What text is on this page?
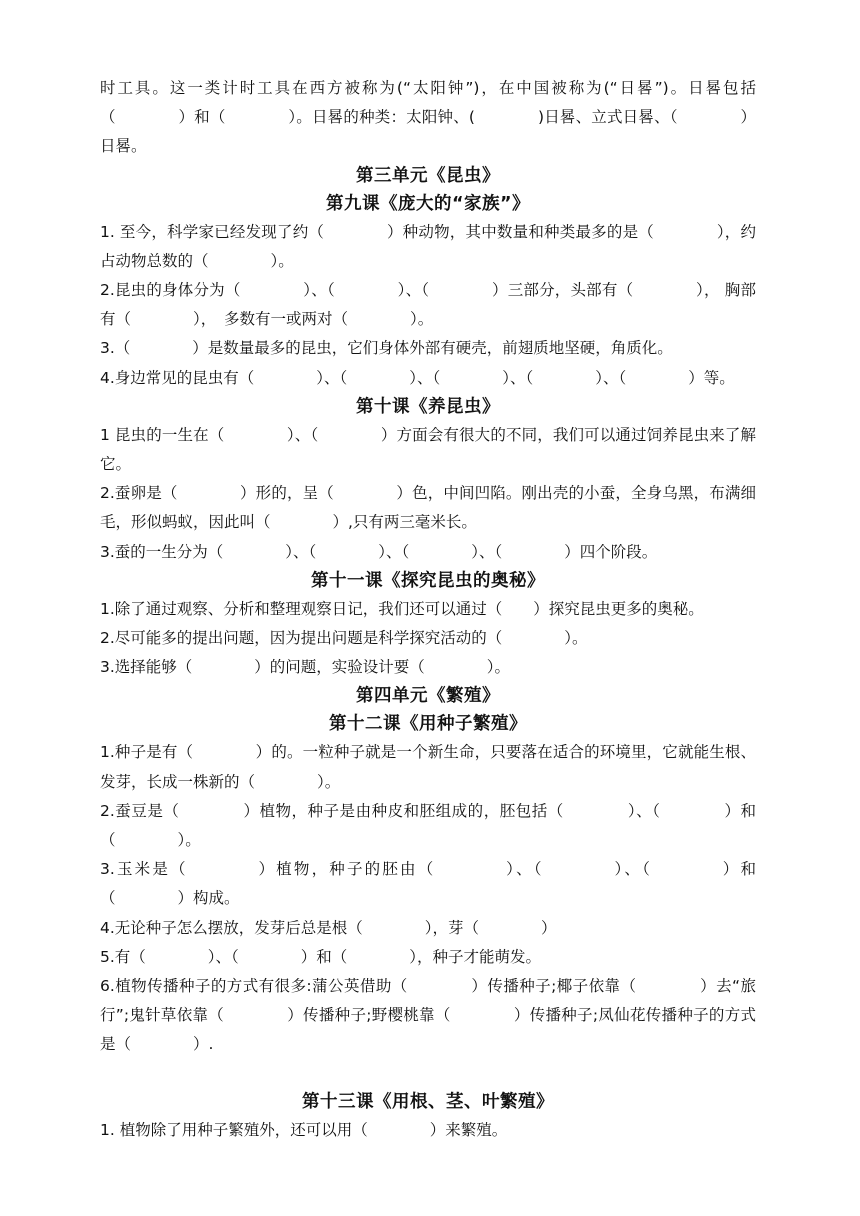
时工具。这一类计时工具在西方被称为(“太阳钟”)，在中国被称为(“日晷”)。日晷包括（　　　　）和（　　　　）。日晷的种类：太阳钟、(　　　　)日晷、立式日晷、（　　　　）日晷。

第三单元《昆虫》
第九课《庞大的“家族”》

1. 至今，科学家已经发现了约（　　　　）种动物，其中数量和种类最多的是（　　　　），约占动物总数的（　　　　）。

2.昆虫的身体分为（　　　　）、（　　　　）、（　　　　）三部分，头部有（　　　　）， 胸部有（　　　　），　多数有一或两对（　　　　）。

3.（　　　　）是数量最多的昆虫，它们身体外部有硬壳，前翅质地坚硬，角质化。

4.身边常见的昆虫有（　　　　）、（　　　　）、（　　　　）、（　　　　）、（　　　　）等。

第十课《养昆虫》

1 昆虫的一生在（　　　　）、（　　　　）方面会有很大的不同，我们可以通过饲养昆虫来了解它。

2.蚕卵是（　　　　）形的，呈（　　　　）色，中间凹陷。刚出壳的小蚕，全身乌黑，布满细毛，形似蚂蚁，因此叫（　　　　）,只有两三毫米长。

3.蚕的一生分为（　　　　）、（　　　　）、（　　　　）、（　　　　）四个阶段。

第十一课《探究昆虫的奥秘》

1.除了通过观察、分析和整理观察日记，我们还可以通过（　　）探究昆虫更多的奥秘。

2.尽可能多的提出问题，因为提出问题是科学探究活动的（　　　　）。

3.选择能够（　　　　）的问题，实验设计要（　　　　）。

第四单元《繁殖》
第十二课《用种子繁殖》

1.种子是有（　　　　）的。一粒种子就是一个新生命，只要落在适合的环境里，它就能生根、发芽，长成一株新的（　　　　）。

2.蚕豆是（　　　　）植物，种子是由种皮和胚组成的，胚包括（　　　　）、（　　　　）和（　　　　）。

3.玉米是（　　　　）植物，种子的胚由（　　　　）、（　　　　）、（　　　　）和（　　　　）构成。

4.无论种子怎么摆放，发芽后总是根（　　　　），芽（　　　　）

5.有（　　　　）、（　　　　）和（　　　　），种子才能萌发。

6.植物传播种子的方式有很多:蒲公英借助（　　　　）传播种子;椰子依靠（　　　　）去“旅行”;鬼针草依靠（　　　　）传播种子;野樱桃靠（　　　　）传播种子;凤仙花传播种子的方式是（　　　　）.

第十三课《用根、茎、叶繁殖》

1. 植物除了用种子繁殖外，还可以用（　　　　）来繁殖。
